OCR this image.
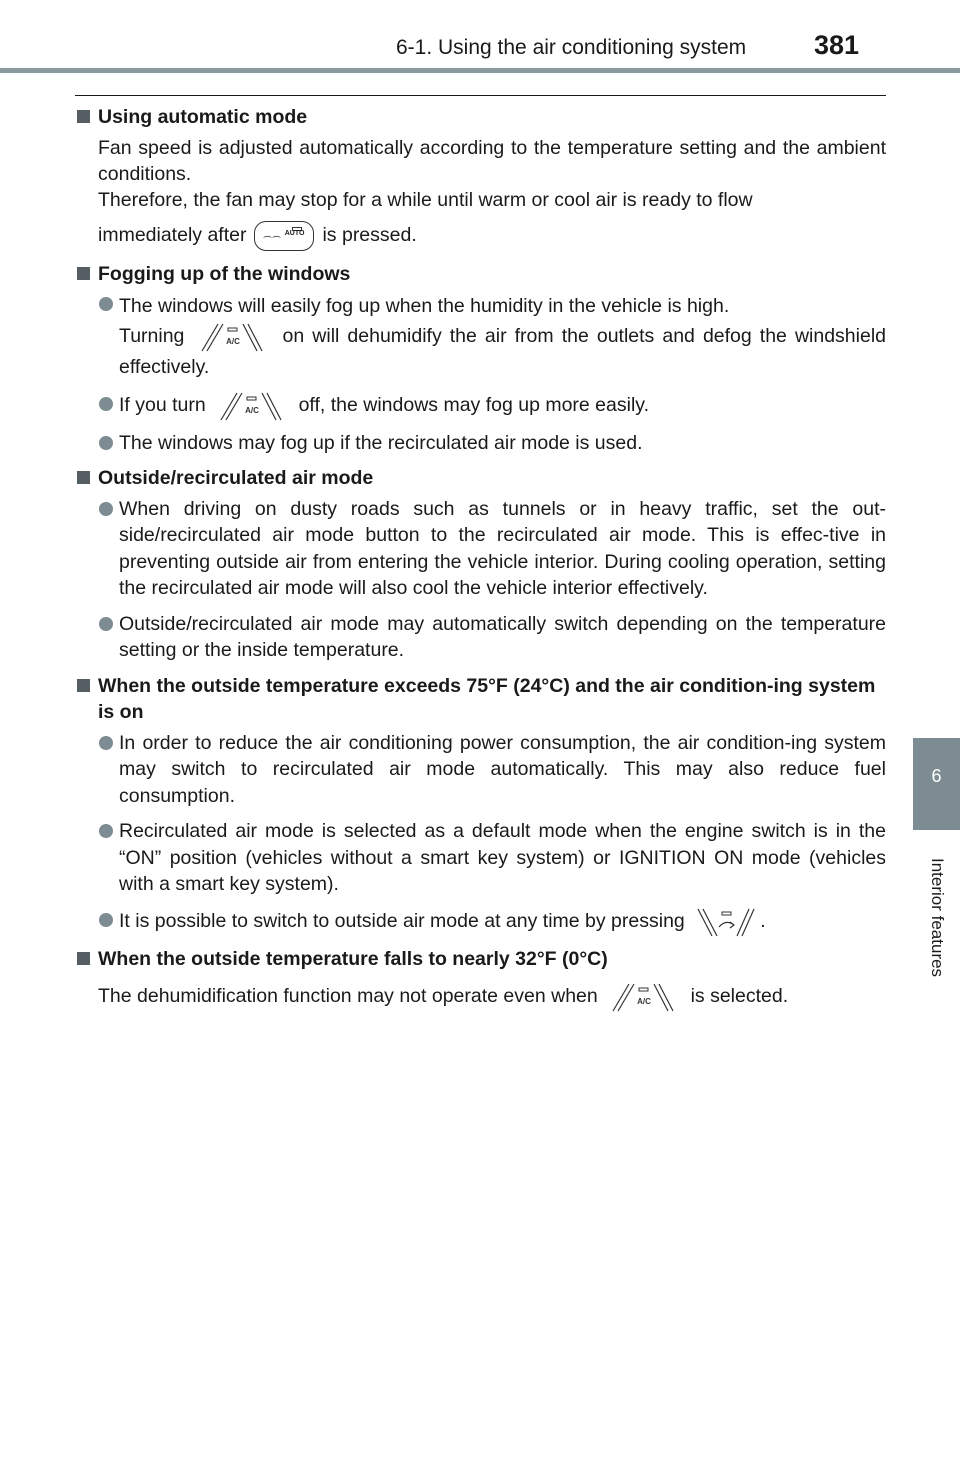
6-1. Using the air conditioning system	381
6
Interior features
Using automatic mode
Fan speed is adjusted automatically according to the temperature setting and the ambient conditions.
Therefore, the fan may stop for a while until warm or cool air is ready to flow
immediately after ⌒⌒
AUTO is pressed.
Fogging up of the windows
The windows will easily fog up when the humidity in the vehicle is high.
Turning	A/C on will dehumidify the air from the outlets and defog the windshield effectively.
If you turn	A/C off, the windows may fog up more easily.
The windows may fog up if the recirculated air mode is used.
Outside/recirculated air mode
When driving on dusty roads such as tunnels or in heavy traffic, set the out-side/recirculated air mode button to the recirculated air mode. This is effec-tive in preventing outside air from entering the vehicle interior. During cooling operation, setting the recirculated air mode will also cool the vehicle interior effectively.
Outside/recirculated air mode may automatically switch depending on the temperature setting or the inside temperature.
When the outside temperature exceeds 75°F (24°C) and the air condition-ing system is on
In order to reduce the air conditioning power consumption, the air condition-ing system may switch to recirculated air mode automatically. This may also reduce fuel consumption.
Recirculated air mode is selected as a default mode when the engine switch is in the “ON” position (vehicles without a smart key system) or IGNITION ON mode (vehicles with a smart key system).
It is possible to switch to outside air mode at any time by pressing	.
When the outside temperature falls to nearly 32°F (0°C)
The dehumidification function may not operate even when	A/C is selected.
